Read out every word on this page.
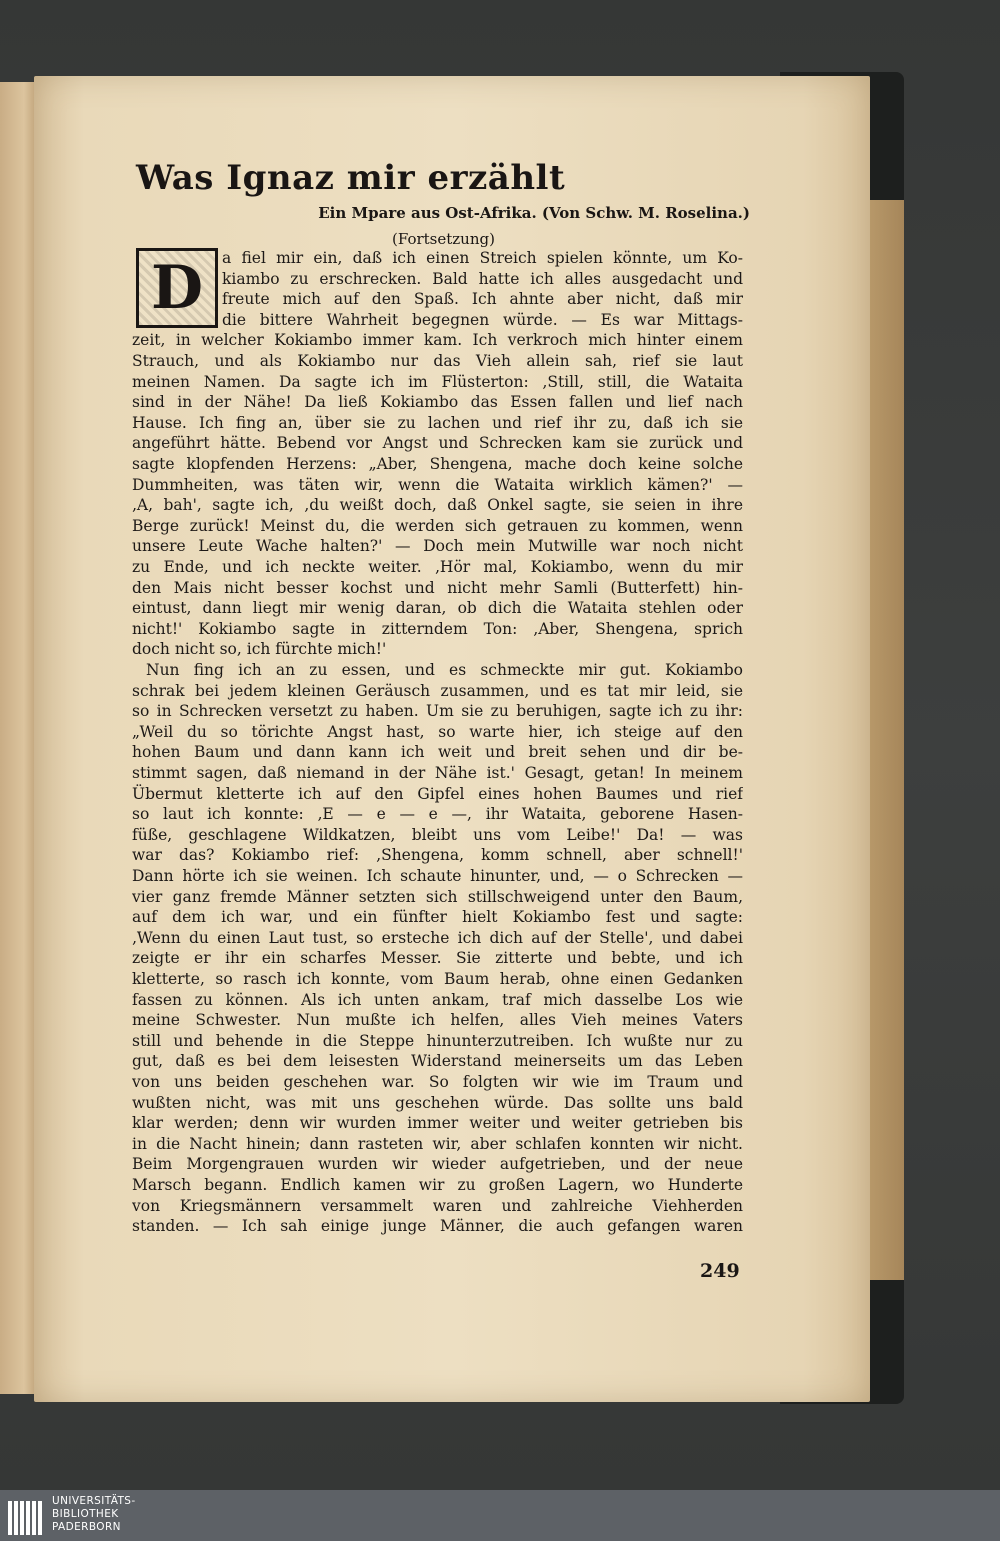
Was Ignaz mir erzählt
Ein Mpare aus Ost-Afrika. (Von Schw. M. Roselina.)
(Fortsetzung)
D	a fiel mir ein, daß ich einen Streich spielen könnte, um Ko-
kiambo zu erschrecken. Bald hatte ich alles ausgedacht und
freute mich auf den Spaß. Ich ahnte aber nicht, daß mir
die bittere Wahrheit begegnen würde. — Es war Mittags-
zeit, in welcher Kokiambo immer kam. Ich verkroch mich hinter einem
Strauch, und als Kokiambo nur das Vieh allein sah, rief sie laut
meinen Namen. Da sagte ich im Flüsterton: ‚Still, still, die Wataita
sind in der Nähe! Da ließ Kokiambo das Essen fallen und lief nach
Hause. Ich fing an, über sie zu lachen und rief ihr zu, daß ich sie
angeführt hätte. Bebend vor Angst und Schrecken kam sie zurück und
sagte klopfenden Herzens: „Aber, Shengena, mache doch keine solche
Dummheiten, was täten wir, wenn die Wataita wirklich kämen?' —
‚A, bah', sagte ich, ‚du weißt doch, daß Onkel sagte, sie seien in ihre
Berge zurück! Meinst du, die werden sich getrauen zu kommen, wenn
unsere Leute Wache halten?' — Doch mein Mutwille war noch nicht
zu Ende, und ich neckte weiter. ‚Hör mal, Kokiambo, wenn du mir
den Mais nicht besser kochst und nicht mehr Samli (Butterfett) hin-
eintust, dann liegt mir wenig daran, ob dich die Wataita stehlen oder
nicht!' Kokiambo sagte in zitterndem Ton: ‚Aber, Shengena, sprich
doch nicht so, ich fürchte mich!'
Nun fing ich an zu essen, und es schmeckte mir gut. Kokiambo
schrak bei jedem kleinen Geräusch zusammen, und es tat mir leid, sie
so in Schrecken versetzt zu haben. Um sie zu beruhigen, sagte ich zu ihr:
„Weil du so törichte Angst hast, so warte hier, ich steige auf den
hohen Baum und dann kann ich weit und breit sehen und dir be-
stimmt sagen, daß niemand in der Nähe ist.' Gesagt, getan! In meinem
Übermut kletterte ich auf den Gipfel eines hohen Baumes und rief
so laut ich konnte: ‚E — e — e —, ihr Wataita, geborene Hasen-
füße, geschlagene Wildkatzen, bleibt uns vom Leibe!' Da! — was
war das? Kokiambo rief: ‚Shengena, komm schnell, aber schnell!'
Dann hörte ich sie weinen. Ich schaute hinunter, und, — o Schrecken —
vier ganz fremde Männer setzten sich stillschweigend unter den Baum,
auf dem ich war, und ein fünfter hielt Kokiambo fest und sagte:
‚Wenn du einen Laut tust, so ersteche ich dich auf der Stelle', und dabei
zeigte er ihr ein scharfes Messer. Sie zitterte und bebte, und ich
kletterte, so rasch ich konnte, vom Baum herab, ohne einen Gedanken
fassen zu können. Als ich unten ankam, traf mich dasselbe Los wie
meine Schwester. Nun mußte ich helfen, alles Vieh meines Vaters
still und behende in die Steppe hinunterzutreiben. Ich wußte nur zu
gut, daß es bei dem leisesten Widerstand meinerseits um das Leben
von uns beiden geschehen war. So folgten wir wie im Traum und
wußten nicht, was mit uns geschehen würde. Das sollte uns bald
klar werden; denn wir wurden immer weiter und weiter getrieben bis
in die Nacht hinein; dann rasteten wir, aber schlafen konnten wir nicht.
Beim Morgengrauen wurden wir wieder aufgetrieben, und der neue
Marsch begann. Endlich kamen wir zu großen Lagern, wo Hunderte
von Kriegsmännern versammelt waren und zahlreiche Viehherden
standen. — Ich sah einige junge Männer, die auch gefangen waren
249
UNIVERSITÄTS-
BIBLIOTHEK
PADERBORN
